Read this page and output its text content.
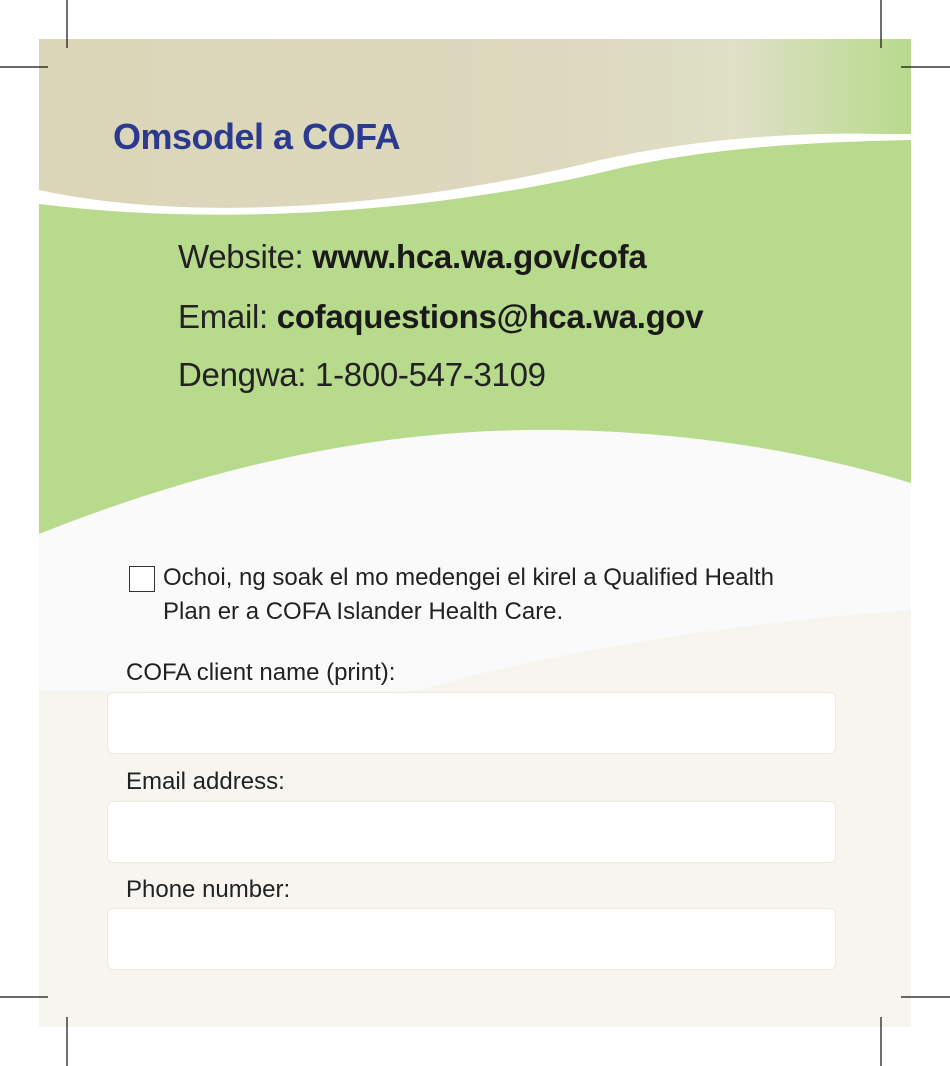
Omsodel a COFA
Website: www.hca.wa.gov/cofa
Email: cofaquestions@hca.wa.gov
Dengwa: 1-800-547-3109
Ochoi, ng soak el mo medengei el kirel a Qualified Health Plan er a COFA Islander Health Care.
COFA client name (print):
Email address:
Phone number:
